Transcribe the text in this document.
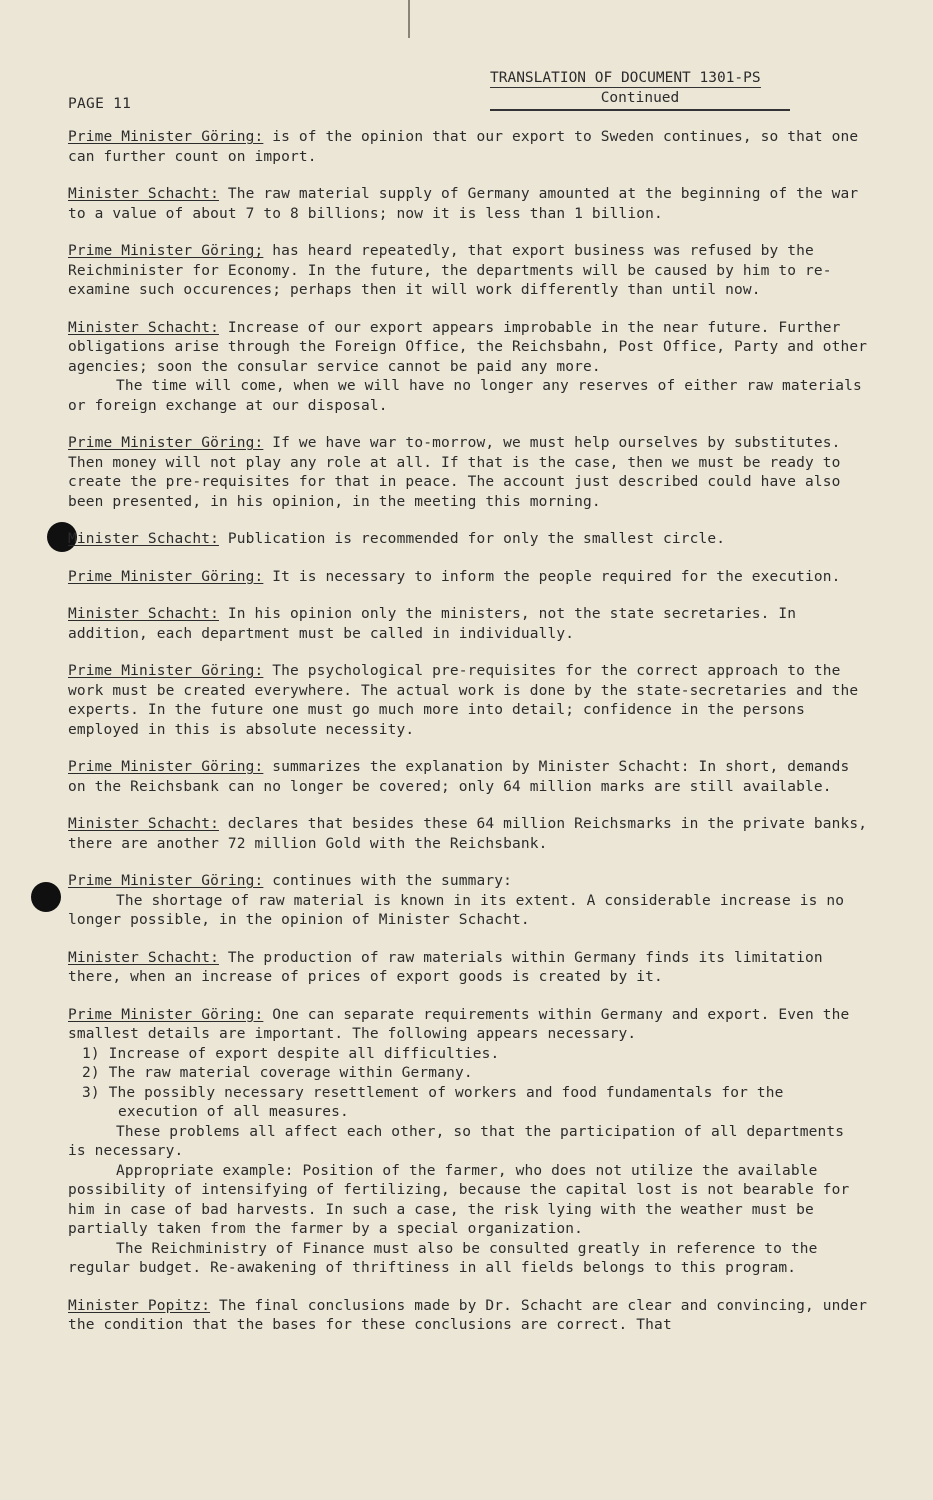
PAGE 11
TRANSLATION OF DOCUMENT 1301-PS
Continued
Prime Minister Göring: is of the opinion that our export to Sweden continues, so that one can further count on import.
Minister Schacht: The raw material supply of Germany amounted at the beginning of the war to a value of about 7 to 8 billions; now it is less than 1 billion.
Prime Minister Göring; has heard repeatedly, that export business was refused by the Reichminister for Economy. In the future, the departments will be caused by him to re-examine such occurences; perhaps then it will work differently than until now.
Minister Schacht: Increase of our export appears improbable in the near future. Further obligations arise through the Foreign Office, the Reichsbahn, Post Office, Party and other agencies; soon the consular service cannot be paid any more.
The time will come, when we will have no longer any reserves of either raw materials or foreign exchange at our disposal.
Prime Minister Göring: If we have war to-morrow, we must help ourselves by substitutes. Then money will not play any role at all. If that is the case, then we must be ready to create the pre-requisites for that in peace. The account just described could have also been presented, in his opinion, in the meeting this morning.
Minister Schacht: Publication is recommended for only the smallest circle.
Prime Minister Göring: It is necessary to inform the people required for the execution.
Minister Schacht: In his opinion only the ministers, not the state secretaries. In addition, each department must be called in individually.
Prime Minister Göring: The psychological pre-requisites for the correct approach to the work must be created everywhere. The actual work is done by the state-secretaries and the experts. In the future one must go much more into detail; confidence in the persons employed in this is absolute necessity.
Prime Minister Göring: summarizes the explanation by Minister Schacht: In short, demands on the Reichsbank can no longer be covered; only 64 million marks are still available.
Minister Schacht: declares that besides these 64 million Reichsmarks in the private banks, there are another 72 million Gold with the Reichsbank.
Prime Minister Göring: continues with the summary:
The shortage of raw material is known in its extent. A considerable increase is no longer possible, in the opinion of Minister Schacht.
Minister Schacht: The production of raw materials within Germany finds its limitation there, when an increase of prices of export goods is created by it.
Prime Minister Göring: One can separate requirements within Germany and export. Even the smallest details are important. The following appears necessary.
1) Increase of export despite all difficulties.
2) The raw material coverage within Germany.
3) The possibly necessary resettlement of workers and food fundamentals for the execution of all measures.
These problems all affect each other, so that the participation of all departments is necessary.
Appropriate example: Position of the farmer, who does not utilize the available possibility of intensifying of fertilizing, because the capital lost is not bearable for him in case of bad harvests. In such a case, the risk lying with the weather must be partially taken from the farmer by a special organization.
The Reichministry of Finance must also be consulted greatly in reference to the regular budget. Re-awakening of thriftiness in all fields belongs to this program.
Minister Popitz: The final conclusions made by Dr. Schacht are clear and convincing, under the condition that the bases for these conclusions are correct. That
